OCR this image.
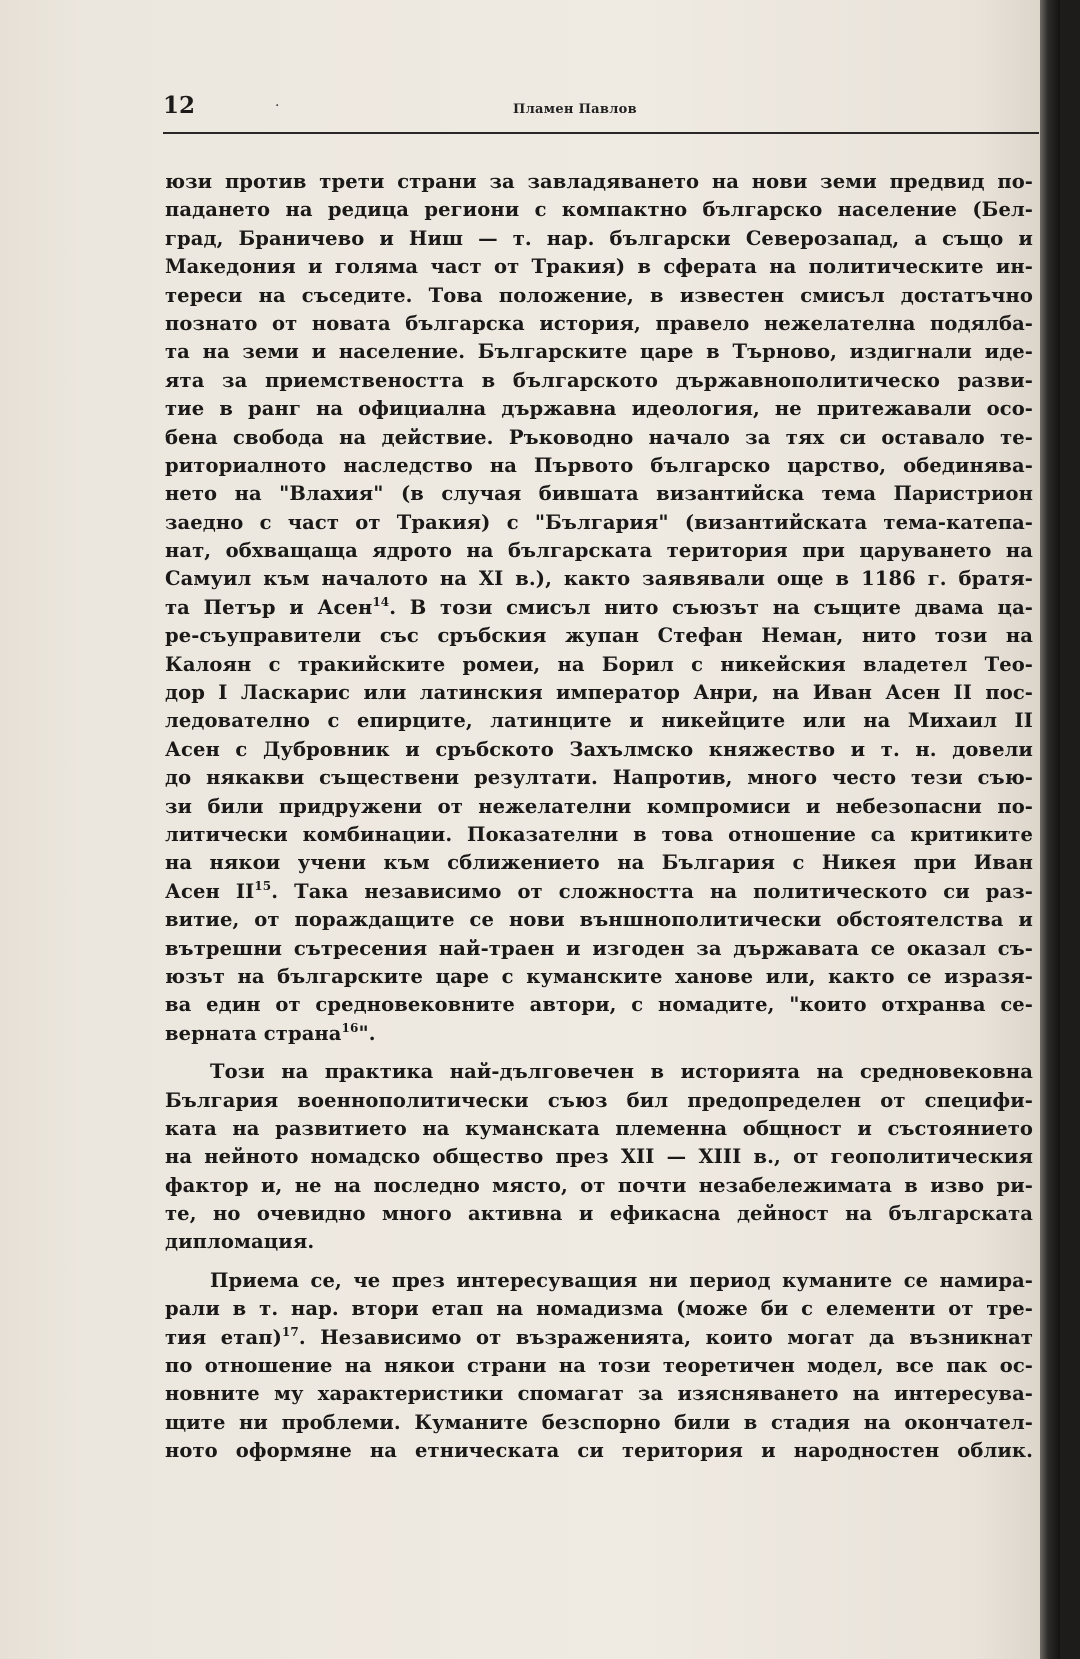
12	·	Пламен Павлов
юзи против трети страни за завладяването на нови земи предвид по-
падането на редица региони с компактно българско население (Бел-
град, Браничево и Ниш — т. нар. български Северозапад, а също и
Македония и голяма част от Тракия) в сферата на политическите ин-
тереси на съседите. Това положение, в известен смисъл достатъчно
познато от новата българска история, правело нежелателна подялба-
та на земи и население. Българските царе в Търново, издигнали иде-
ята за приемствеността в българското държавнополитическо разви-
тие в ранг на официална държавна идеология, не притежавали осо-
бена свобода на действие. Ръководно начало за тях си оставало те-
риториалното наследство на Първото българско царство, обединява-
нето на "Влахия" (в случая бившата византийска тема Паристрион
заедно с част от Тракия) с "България" (византийската тема-катепа-
нат, обхващаща ядрото на българската територия при царуването на
Самуил към началото на XI в.), както заявявали още в 1186 г. братя-
та Петър и Асен$^{14}$. В този смисъл нито съюзът на същите двама ца-
ре-съуправители със сръбския жупан Стефан Неман, нито този на
Калоян с тракийските ромеи, на Борил с никейския владетел Тео-
дор I Ласкарис или латинския император Анри, на Иван Асен II пос-
ледователно с епирците, латинците и никейците или на Михаил II
Асен с Дубровник и сръбското Захълмско княжество и т. н. довели
до някакви съществени резултати. Напротив, много често тези съю-
зи били придружени от нежелателни компромиси и небезопасни по-
литически комбинации. Показателни в това отношение са критиките
на някои учени към сближението на България с Никея при Иван
Асен II$^{15}$. Така независимо от сложността на политическото си раз-
витие, от пораждащите се нови външнополитически обстоятелства и
вътрешни сътресения най-траен и изгоден за държавата се оказал съ-
юзът на българските царе с куманските ханове или, както се изразя-
ва един от средновековните автори, с номадите, "които отхранва се-
верната страна$^{16}$".
Този на практика най-дълговечен в историята на средновековна
България военнополитически съюз бил предопределен от специфи-
ката на развитието на куманската племенна общност и състоянието
на нейното номадско общество през XII — XIII в., от геополитическия
фактор и, не на последно място, от почти незабележимата в изво ри-
те, но очевидно много активна и ефикасна дейност на българската
дипломация.
Приема се, че през интересуващия ни период куманите се намира-
рали в т. нар. втори етап на номадизма (може би с елементи от тре-
тия етап)$^{17}$. Независимо от възраженията, които могат да възникнат
по отношение на някои страни на този теоретичен модел, все пак ос-
новните му характеристики спомагат за изясняването на интересува-
щите ни проблеми. Куманите безспорно били в стадия на окончател-
ното оформяне на етническата си територия и народностен облик.
